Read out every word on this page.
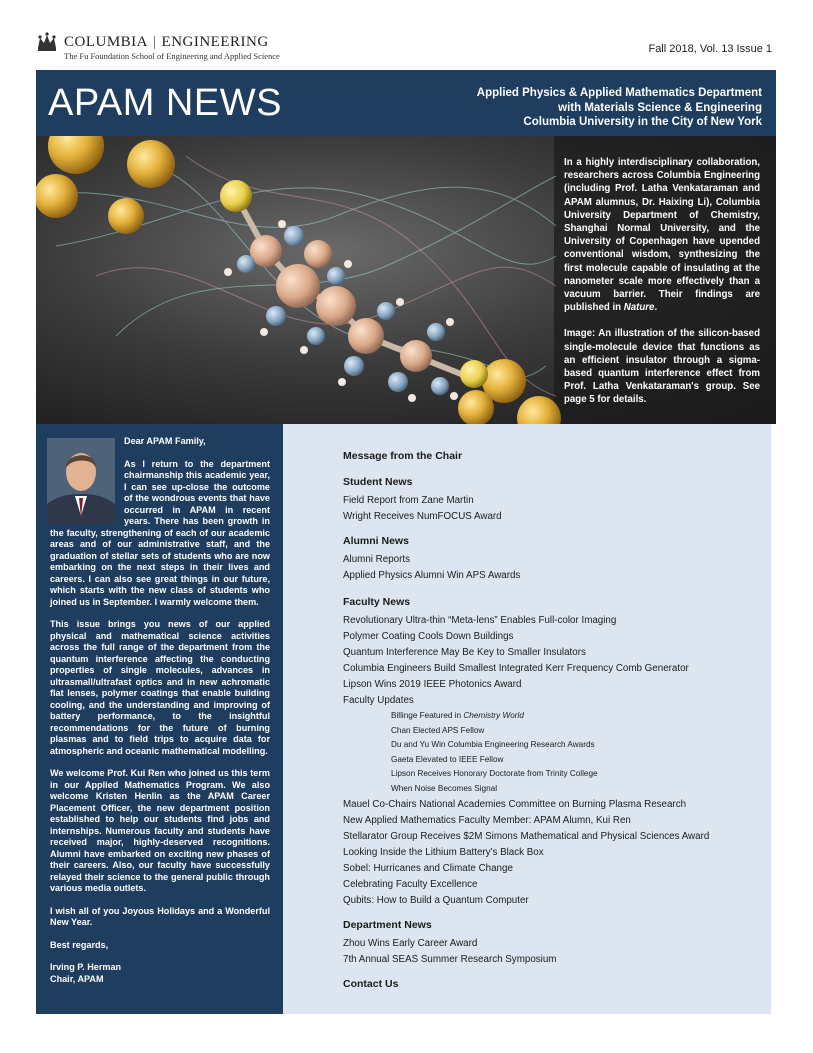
COLUMBIA | ENGINEERING
The Fu Foundation School of Engineering and Applied Science
Fall 2018, Vol. 13 Issue 1
APAM NEWS	Applied Physics & Applied Mathematics Department
with Materials Science & Engineering
Columbia University in the City of New York

In a highly interdisciplinary collaboration, researchers across Columbia Engineering (including Prof. Latha Venkataraman and APAM alumnus, Dr. Haixing Li), Columbia University Department of Chemistry, Shanghai Normal University, and the University of Copenhagen have upended conventional wisdom, synthesizing the first molecule capable of insulating at the nanometer scale more effectively than a vacuum barrier. Their findings are published in Nature.

Image: An illustration of the silicon-based single-molecule device that functions as an efficient insulator through a sigma-based quantum interference effect from Prof. Latha Venkataraman's group. See page 5 for details.

Dear APAM Family,

As I return to the department chairmanship this academic year, I can see up-close the outcome of the wondrous events that have occurred in APAM in recent years. There has been growth in the faculty, strengthening of each of our academic areas and of our administrative staff, and the graduation of stellar sets of students who are now embarking on the next steps in their lives and careers. I can also see great things in our future, which starts with the new class of students who joined us in September. I warmly welcome them.

This issue brings you news of our applied physical and mathematical science activities across the full range of the department from the quantum interference affecting the conducting properties of single molecules, advances in ultrasmall/ultrafast optics and in new achromatic flat lenses, polymer coatings that enable building cooling, and the understanding and improving of battery performance, to the insightful recommendations for the future of burning plasmas and to field trips to acquire data for atmospheric and oceanic mathematical modelling.

We welcome Prof. Kui Ren who joined us this term in our Applied Mathematics Program. We also welcome Kristen Henlin as the APAM Career Placement Officer, the new department position established to help our students find jobs and internships. Numerous faculty and students have received major, highly-deserved recognitions. Alumni have embarked on exciting new phases of their careers. Also, our faculty have successfully relayed their science to the general public through various media outlets.

I wish all of you Joyous Holidays and a Wonderful New Year.

Best regards,

Irving P. Herman
Chair, APAM

Message from the Chair
Student News
Field Report from Zane Martin
Wright Receives NumFOCUS Award
Alumni News
Alumni Reports
Applied Physics Alumni Win APS Awards
Faculty News
Revolutionary Ultra-thin “Meta-lens” Enables Full-color Imaging
Polymer Coating Cools Down Buildings
Quantum Interference May Be Key to Smaller Insulators
Columbia Engineers Build Smallest Integrated Kerr Frequency Comb Generator
Lipson Wins 2019 IEEE Photonics Award
Faculty Updates
Billinge Featured in Chemistry World
Chan Elected APS Fellow
Du and Yu Win Columbia Engineering Research Awards
Gaeta Elevated to IEEE Fellow
Lipson Receives Honorary Doctorate from Trinity College
When Noise Becomes Signal
Mauel Co-Chairs National Academies Committee on Burning Plasma Research
New Applied Mathematics Faculty Member: APAM Alumn, Kui Ren
Stellarator Group Receives $2M Simons Mathematical and Physical Sciences Award
Looking Inside the Lithium Battery's Black Box
Sobel: Hurricanes and Climate Change
Celebrating Faculty Excellence
Qubits: How to Build a Quantum Computer
Department News
Zhou Wins Early Career Award
7th Annual SEAS Summer Research Symposium
Contact Us
